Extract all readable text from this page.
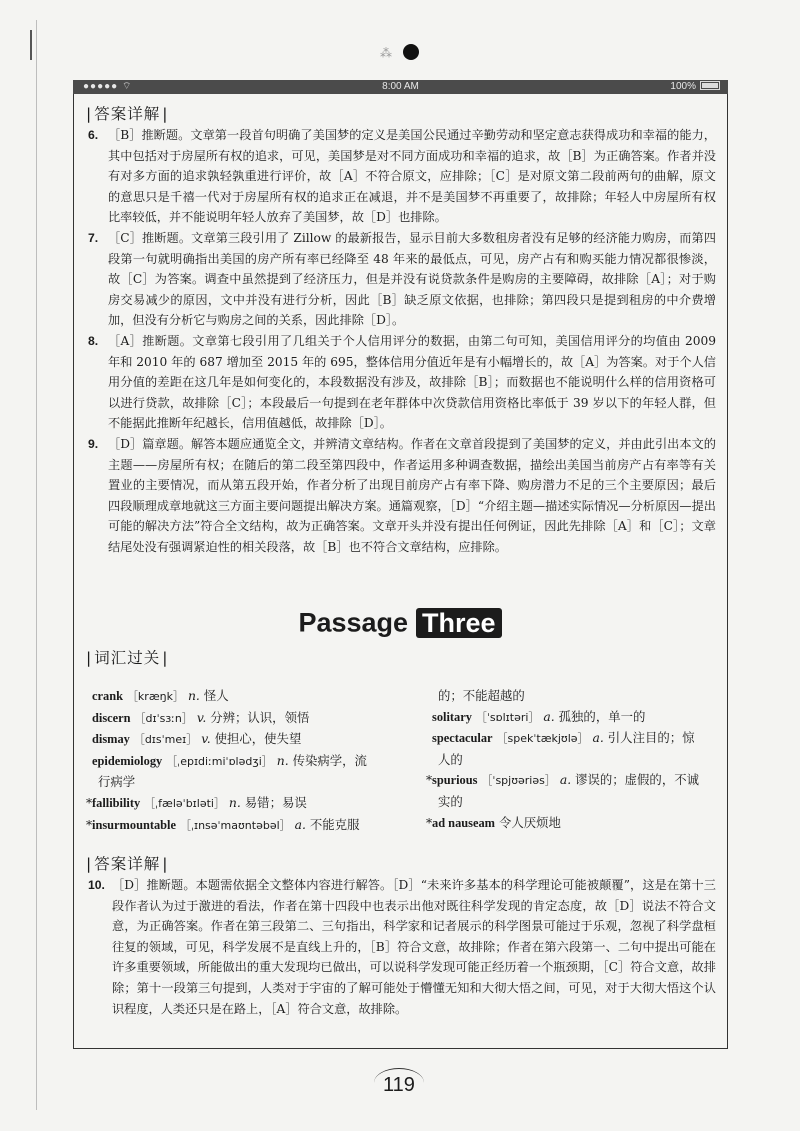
⁂
●●●●● ⌔	8:00 AM	100%
| 答案详解 |

6. ［B］推断题。文章第一段首句明确了美国梦的定义是美国公民通过辛勤劳动和坚定意志获得成功和幸福的能力，其中包括对于房屋所有权的追求，可见，美国梦是对不同方面成功和幸福的追求，故［B］为正确答案。作者并没有对多方面的追求孰轻孰重进行评价，故［A］不符合原文，应排除；［C］是对原文第二段前两句的曲解，原文的意思只是千禧一代对于房屋所有权的追求正在减退，并不是美国梦不再重要了，故排除；年轻人中房屋所有权比率较低，并不能说明年轻人放弃了美国梦，故［D］也排除。

7. ［C］推断题。文章第三段引用了 Zillow 的最新报告，显示目前大多数租房者没有足够的经济能力购房，而第四段第一句就明确指出美国的房产所有率已经降至 48 年来的最低点，可见，房产占有和购买能力情况都很惨淡，故［C］为答案。调查中虽然提到了经济压力，但是并没有说贷款条件是购房的主要障碍，故排除［A］；对于购房交易减少的原因，文中并没有进行分析，因此［B］缺乏原文依据，也排除；第四段只是提到租房的中介费增加，但没有分析它与购房之间的关系，因此排除［D］。

8. ［A］推断题。文章第七段引用了几组关于个人信用评分的数据，由第二句可知，美国信用评分的均值由 2009 年和 2010 年的 687 增加至 2015 年的 695，整体信用分值近年是有小幅增长的，故［A］为答案。对于个人信用分值的差距在这几年是如何变化的，本段数据没有涉及，故排除［B］；而数据也不能说明什么样的信用资格可以进行贷款，故排除［C］；本段最后一句提到在老年群体中次贷款信用资格比率低于 39 岁以下的年轻人群，但不能据此推断年纪越长，信用值越低，故排除［D］。

9. ［D］篇章题。解答本题应通览全文，并辨清文章结构。作者在文章首段提到了美国梦的定义，并由此引出本文的主题——房屋所有权；在随后的第二段至第四段中，作者运用多种调查数据，描绘出美国当前房产占有率等有关置业的主要情况，而从第五段开始，作者分析了出现目前房产占有率下降、购房潜力不足的三个主要原因；最后四段顺理成章地就这三方面主要问题提出解决方案。通篇观察，［D］“介绍主题—描述实际情况—分析原因—提出可能的解决方法”符合全文结构，故为正确答案。文章开头并没有提出任何例证，因此先排除［A］和［C］；文章结尾处没有强调紧迫性的相关段落，故［B］也不符合文章结构，应排除。

Passage Three
| 词汇过关 |
crank ［kræŋk］ n. 怪人
discern ［dɪˈsɜːn］ v. 分辨；认识，领悟
dismay ［dɪsˈmeɪ］ v. 使担心，使失望
epidemiology ［ˌepɪdiːmiˈɒlədʒi］ n. 传染病学，流
行病学
*fallibility ［ˌfæləˈbɪləti］ n. 易错；易误
*insurmountable ［ˌɪnsəˈmaʊntəbəl］ a. 不能克服
的；不能超越的
solitary ［ˈsɒlɪtəri］ a. 孤独的，单一的
spectacular ［spekˈtækjʊlə］ a. 引人注目的；惊
人的
*spurious ［ˈspjʊəriəs］ a. 谬误的；虚假的，不诚
实的
*ad nauseam 令人厌烦地
| 答案详解 |

10. ［D］推断题。本题需依据全文整体内容进行解答。［D］“未来许多基本的科学理论可能被颠覆”，这是在第十三段作者认为过于激进的看法，作者在第十四段中也表示出他对既往科学发现的肯定态度，故［D］说法不符合文意，为正确答案。作者在第三段第二、三句指出，科学家和记者展示的科学图景可能过于乐观，忽视了科学盘桓往复的领域，可见，科学发展不是直线上升的，［B］符合文意，故排除；作者在第六段第一、二句中提出可能在许多重要领域，所能做出的重大发现均已做出，可以说科学发现可能正经历着一个瓶颈期，［C］符合文意，故排除；第十一段第三句提到，人类对于宇宙的了解可能处于懵懂无知和大彻大悟之间，可见，对于大彻大悟这个认识程度，人类还只是在路上，［A］符合文意，故排除。

119
